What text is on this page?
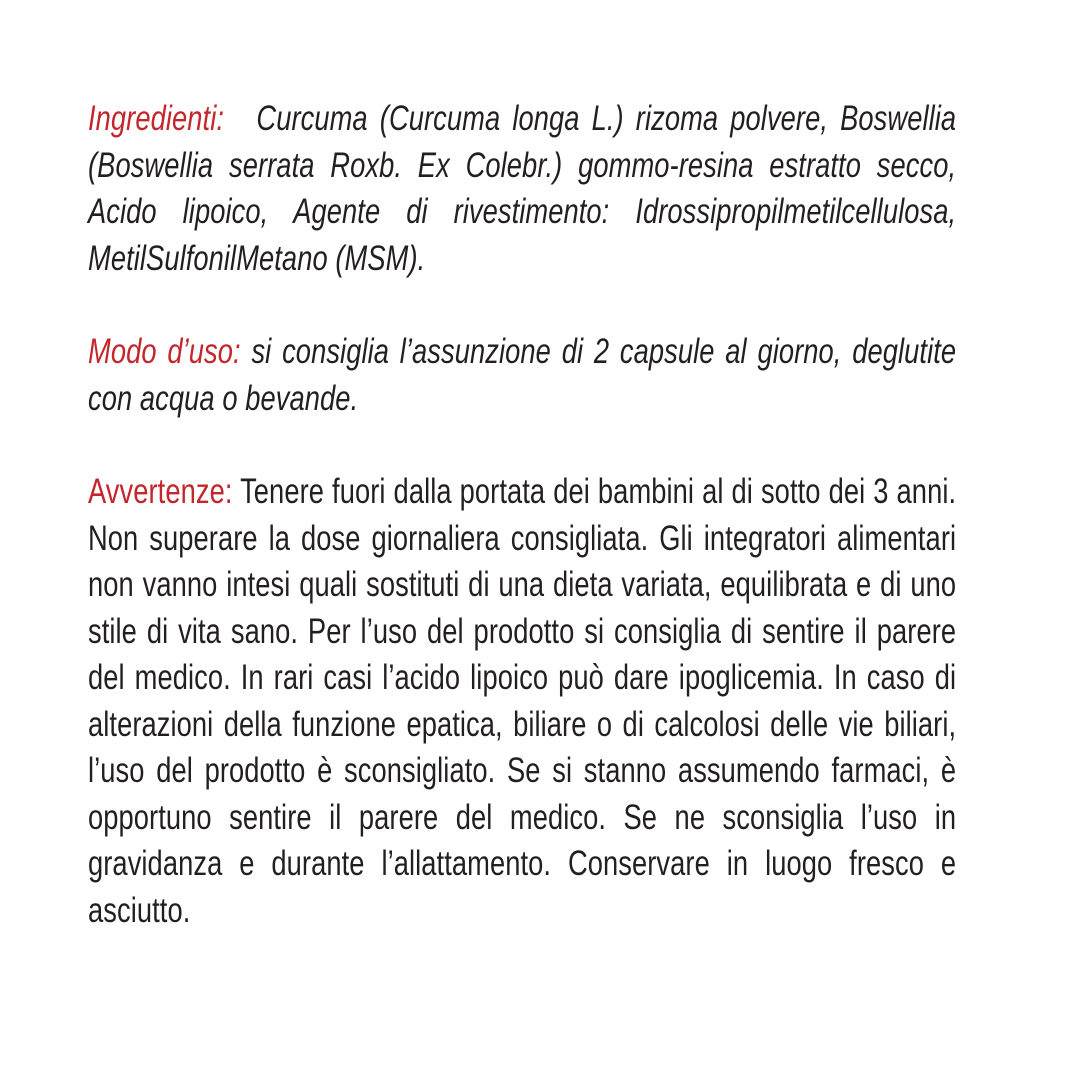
Ingredienti: Curcuma (Curcuma longa L.) rizoma polvere, Boswellia (Boswellia serrata Roxb. Ex Colebr.) gommo-resina estratto secco, Acido lipoico, Agente di rivestimento: Idrossipropilmetilcellulosa, MetilSulfonilMetano (MSM).

Modo d’uso: si consiglia l’assunzione di 2 capsule al giorno, deglutite con acqua o bevande.

Avvertenze: Tenere fuori dalla portata dei bambini al di sotto dei 3 anni. Non superare la dose giornaliera consigliata. Gli integratori alimentari non vanno intesi quali sostituti di una dieta variata, equilibrata e di uno stile di vita sano. Per l’uso del prodotto si consiglia di sentire il parere del medico. In rari casi l’acido lipoico può dare ipoglicemia. In caso di alterazioni della funzione epatica, biliare o di calcolosi delle vie biliari, l’uso del prodotto è sconsigliato. Se si stanno assumendo farmaci, è opportuno sentire il parere del medico. Se ne sconsiglia l’uso in gravidanza e durante l’allattamento. Conservare in luogo fresco e asciutto.
